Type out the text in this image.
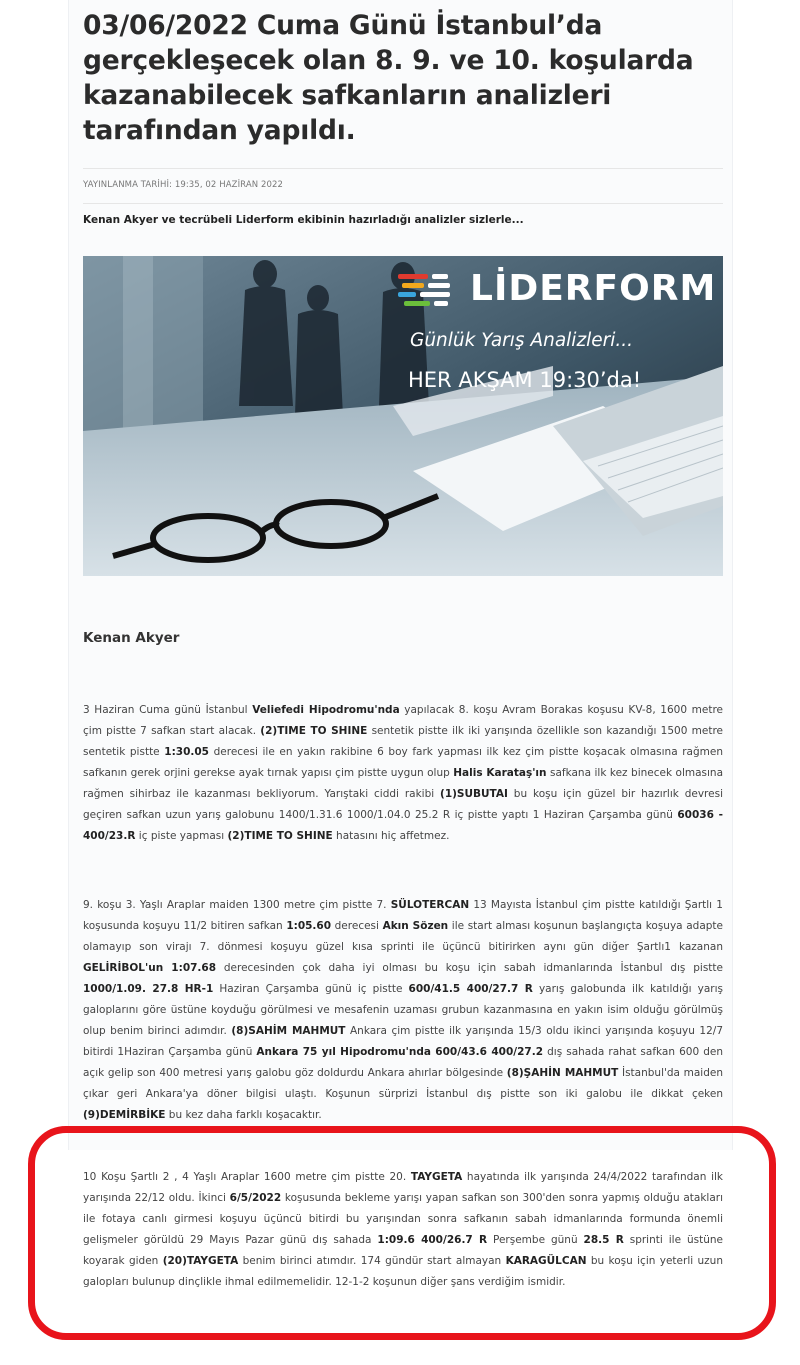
03/06/2022 Cuma Günü İstanbul’da gerçekleşecek olan 8. 9. ve 10. koşularda kazanabilecek safkanların analizleri tarafından yapıldı.
YAYINLANMA TARİHİ: 19:35, 02 HAZİRAN 2022

Kenan Akyer ve tecrübeli Liderform ekibinin hazırladığı analizler sizlerle...

LİDERFORM
Günlük Yarış Analizleri...
HER AKŞAM 19:30’da!
Kenan Akyer

3 Haziran Cuma günü İstanbul Veliefedi Hipodromu'nda yapılacak 8. koşu Avram Borakas koşusu KV-8, 1600 metre çim pistte 7 safkan start alacak. (2)TIME TO SHINE sentetik pistte ilk iki yarışında özellikle son kazandığı 1500 metre sentetik pistte 1:30.05 derecesi ile en yakın rakibine 6 boy fark yapması ilk kez çim pistte koşacak olmasına rağmen safkanın gerek orjini gerekse ayak tırnak yapısı çim pistte uygun olup Halis Karataş'ın safkana ilk kez binecek olmasına rağmen sihirbaz ile kazanması bekliyorum. Yarıştaki ciddi rakibi (1)SUBUTAI bu koşu için güzel bir hazırlık devresi geçiren safkan uzun yarış galobunu 1400/1.31.6 1000/1.04.0 25.2 R iç pistte yaptı 1 Haziran Çarşamba günü 60036 - 400/23.R iç piste yapması (2)TIME TO SHINE hatasını hiç affetmez.

9. koşu 3. Yaşlı Araplar maiden 1300 metre çim pistte 7. SÜLOTERCAN 13 Mayısta İstanbul çim pistte katıldığı Şartlı 1 koşusunda koşuyu 11/2 bitiren safkan 1:05.60 derecesi Akın Sözen ile start alması koşunun başlangıçta koşuya adapte olamayıp son virajı 7. dönmesi koşuyu güzel kısa sprinti ile üçüncü bitirirken aynı gün diğer Şartlı1 kazanan GELİRİBOL'un 1:07.68 derecesinden çok daha iyi olması bu koşu için sabah idmanlarında İstanbul dış pistte 1000/1.09. 27.8 HR-1 Haziran Çarşamba günü iç pistte 600/41.5 400/27.7 R yarış galobunda ilk katıldığı yarış galoplarını göre üstüne koyduğu görülmesi ve mesafenin uzaması grubun kazanmasına en yakın isim olduğu görülmüş olup benim birinci adımdır. (8)SAHİM MAHMUT Ankara çim pistte ilk yarışında 15/3 oldu ikinci yarışında koşuyu 12/7 bitirdi 1Haziran Çarşamba günü Ankara 75 yıl Hipodromu'nda 600/43.6 400/27.2 dış sahada rahat safkan 600 den açık gelip son 400 metresi yarış galobu göz doldurdu Ankara ahırlar bölgesinde (8)ŞAHİN MAHMUT İstanbul'da maiden çıkar geri Ankara'ya döner bilgisi ulaştı. Koşunun sürprizi İstanbul dış pistte son iki galobu ile dikkat çeken (9)DEMİRBİKE bu kez daha farklı koşacaktır.

10 Koşu Şartlı 2 , 4 Yaşlı Araplar 1600 metre çim pistte 20. TAYGETA hayatında ilk yarışında 24/4/2022 tarafından ilk yarışında 22/12 oldu. İkinci 6/5/2022 koşusunda bekleme yarışı yapan safkan son 300'den sonra yapmış olduğu atakları ile fotaya canlı girmesi koşuyu üçüncü bitirdi bu yarışından sonra safkanın sabah idmanlarında formunda önemli gelişmeler görüldü 29 Mayıs Pazar günü dış sahada 1:09.6 400/26.7 R Perşembe günü 28.5 R sprinti ile üstüne koyarak giden (20)TAYGETA benim birinci atımdır. 174 gündür start almayan KARAGÜLCAN bu koşu için yeterli uzun galopları bulunup dinçlikle ihmal edilmemelidir. 12-1-2 koşunun diğer şans verdiğim ismidir.
